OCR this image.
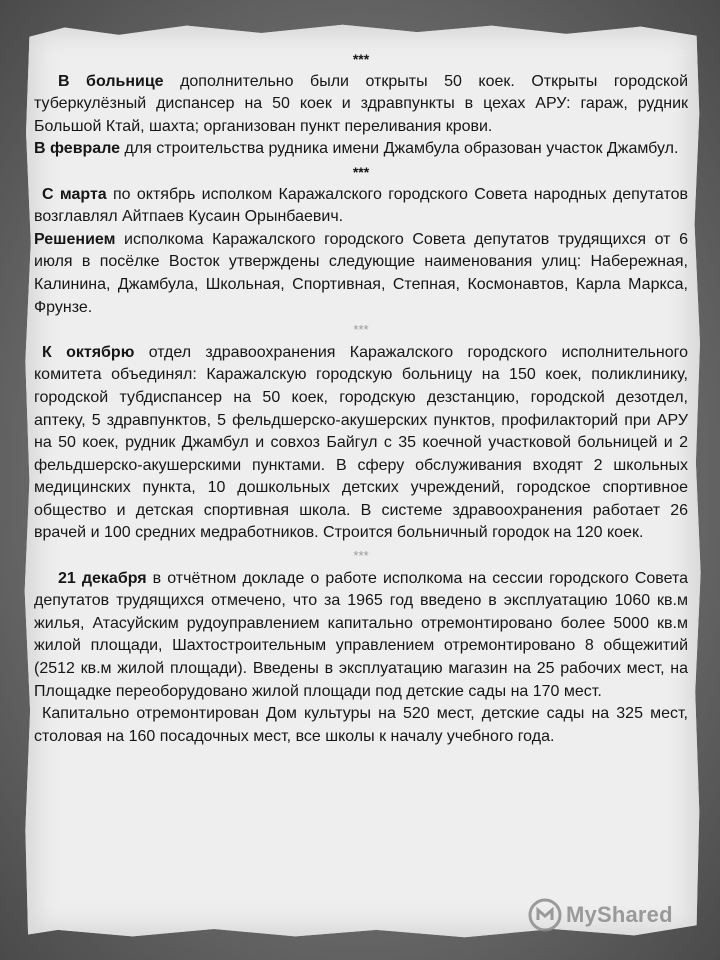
***

В больнице дополнительно были открыты 50 коек. Открыты городской туберкулёзный диспансер на 50 коек и здравпункты в цехах АРУ: гараж, рудник Большой Ктай, шахта; организован пункт переливания крови.

В феврале для строительства рудника имени Джамбула образован участок Джамбул.

***

С марта по октябрь исполком Каражалского городского Совета народных депутатов возглавлял Айтпаев Кусаин Орынбаевич.

Решением исполкома Каражалского городского Совета депутатов трудящихся от 6 июля в посёлке Восток утверждены следующие наименования улиц: Набережная, Калинина, Джамбула, Школьная, Спортивная, Степная, Космонавтов, Карла Маркса, Фрунзе.

***

К октябрю отдел здравоохранения Каражалского городского исполнительного комитета объединял: Каражалскую городскую больницу на 150 коек, поликлинику, городской тубдиспансер на 50 коек, городскую дезстанцию, городской дезотдел, аптеку, 5 здравпунктов, 5 фельдшерско-акушерских пунктов, профилакторий при АРУ на 50 коек, рудник Джамбул и совхоз Байгул с 35 коечной участковой больницей и 2 фельдшерско-акушерскими пунктами. В сферу обслуживания входят 2 школьных медицинских пункта, 10 дошкольных детских учреждений, городское спортивное общество и детская спортивная школа. В системе здравоохранения работает 26 врачей и 100 средних медработников. Строится больничный городок на 120 коек.

***

21 декабря в отчётном докладе о работе исполкома на сессии городского Совета депутатов трудящихся отмечено, что за 1965 год введено в эксплуатацию 1060 кв.м жилья, Атасуйским рудоуправлением капитально отремонтировано более 5000 кв.м жилой площади, Шахтостроительным управлением отремонтировано 8 общежитий (2512 кв.м жилой площади). Введены в эксплуатацию магазин на 25 рабочих мест, на Площадке переоборудовано жилой площади под детские сады на 170 мест.

Капитально отремонтирован Дом культуры на 520 мест, детские сады на 325 мест, столовая на 160 посадочных мест, все школы к началу учебного года.

MyShared
